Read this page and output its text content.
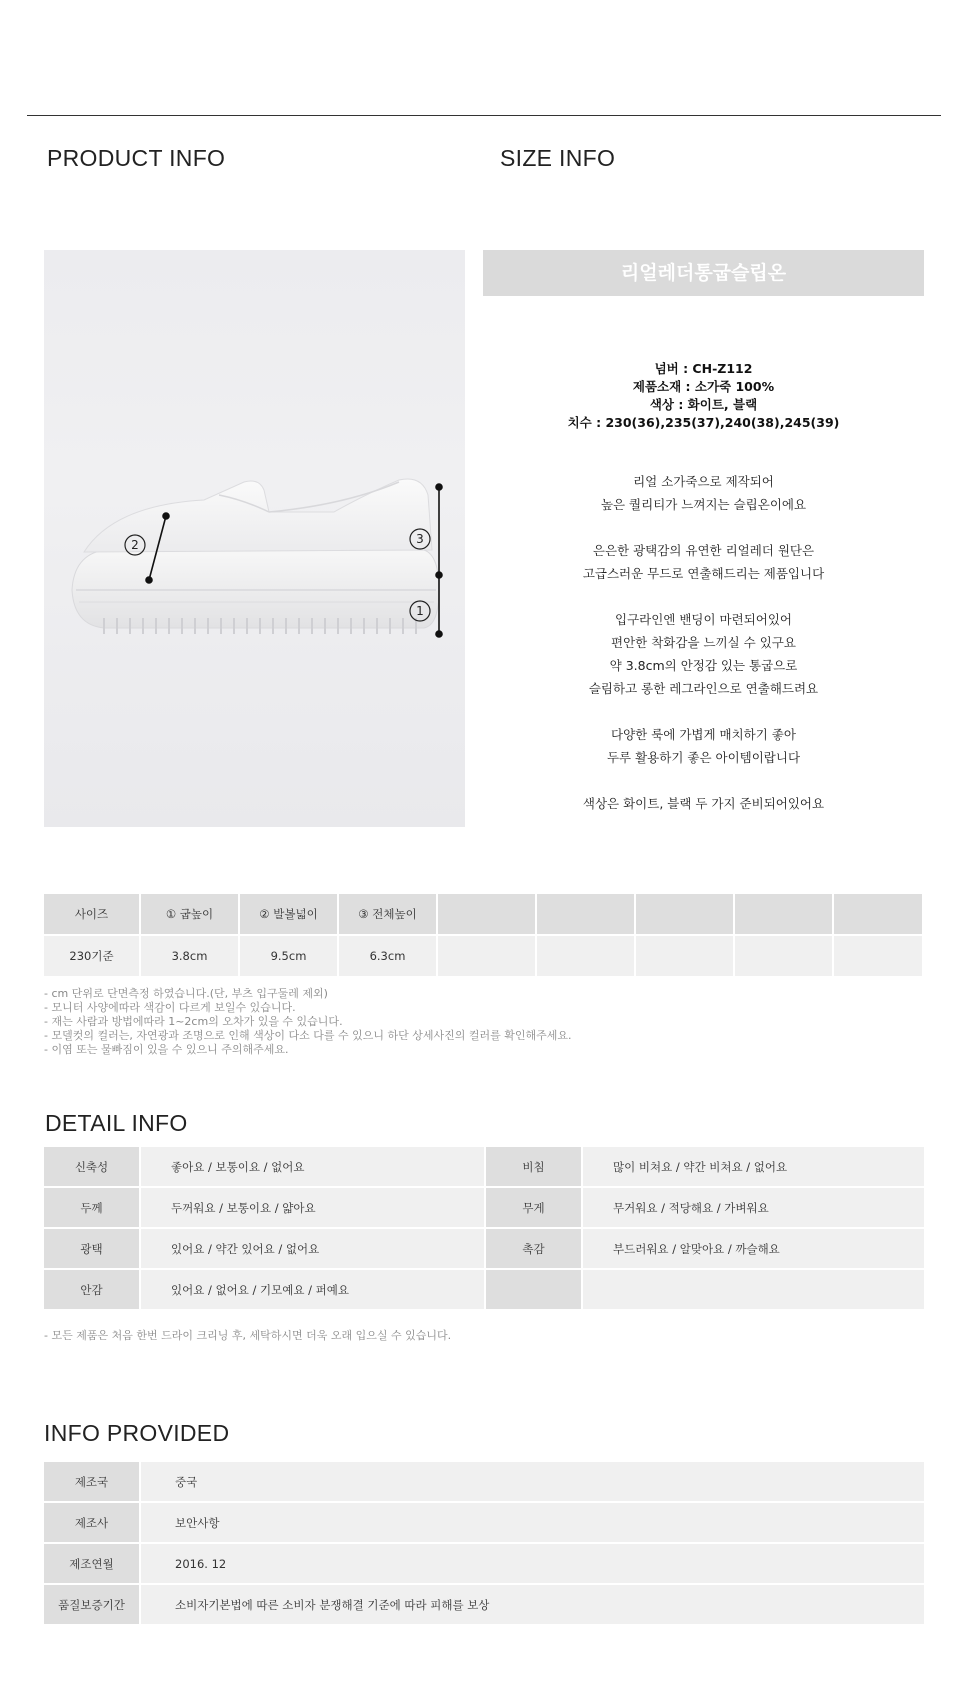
PRODUCT INFO	SIZE INFO
2	3
1
리얼레더통굽슬립온
넘버 : CH-Z112
제품소재 : 소가죽 100%
색상 : 화이트, 블랙
치수 : 230(36),235(37),240(38),245(39)
리얼 소가죽으로 제작되어
높은 퀄리티가 느껴지는 슬립온이에요
은은한 광택감의 유연한 리얼레더 원단은
고급스러운 무드로 연출해드리는 제품입니다
입구라인엔 밴딩이 마련되어있어
편안한 착화감을 느끼실 수 있구요
약 3.8cm의 안정감 있는 통굽으로
슬림하고 롱한 레그라인으로 연출해드려요
다양한 룩에 가볍게 매치하기 좋아
두루 활용하기 좋은 아이템이랍니다
색상은 화이트, 블랙 두 가지 준비되어있어요
사이즈	① 굽높이	② 발볼넓이	③ 전체높이					
230기준	3.8cm	9.5cm	6.3cm					
- cm 단위로 단면측정 하였습니다.(단, 부츠 입구둘레 제외)
- 모니터 사양에따라 색감이 다르게 보일수 있습니다.
- 재는 사람과 방법에따라 1~2cm의 오차가 있을 수 있습니다.
- 모델컷의 컬러는, 자연광과 조명으로 인해 색상이 다소 다를 수 있으니 하단 상세사진의 컬러를 확인해주세요.
- 이염 또는 물빠짐이 있을 수 있으니 주의해주세요.
DETAIL INFO
신축성	좋아요 / 보통이요 / 없어요	비침	많이 비쳐요 / 약간 비쳐요 / 없어요
두께	두꺼워요 / 보통이요 / 얇아요	무게	무거워요 / 적당해요 / 가벼워요
광택	있어요 / 약간 있어요 / 없어요	촉감	부드러워요 / 알맞아요 / 까슬해요
안감	있어요 / 없어요 / 기모예요 / 퍼예요		
- 모든 제품은 처음 한번 드라이 크리닝 후, 세탁하시면 더욱 오래 입으실 수 있습니다.
INFO PROVIDED
제조국	중국
제조사	보안사항
제조연월	2016. 12
품질보증기간	소비자기본법에 따른 소비자 분쟁해결 기준에 따라 피해를 보상
